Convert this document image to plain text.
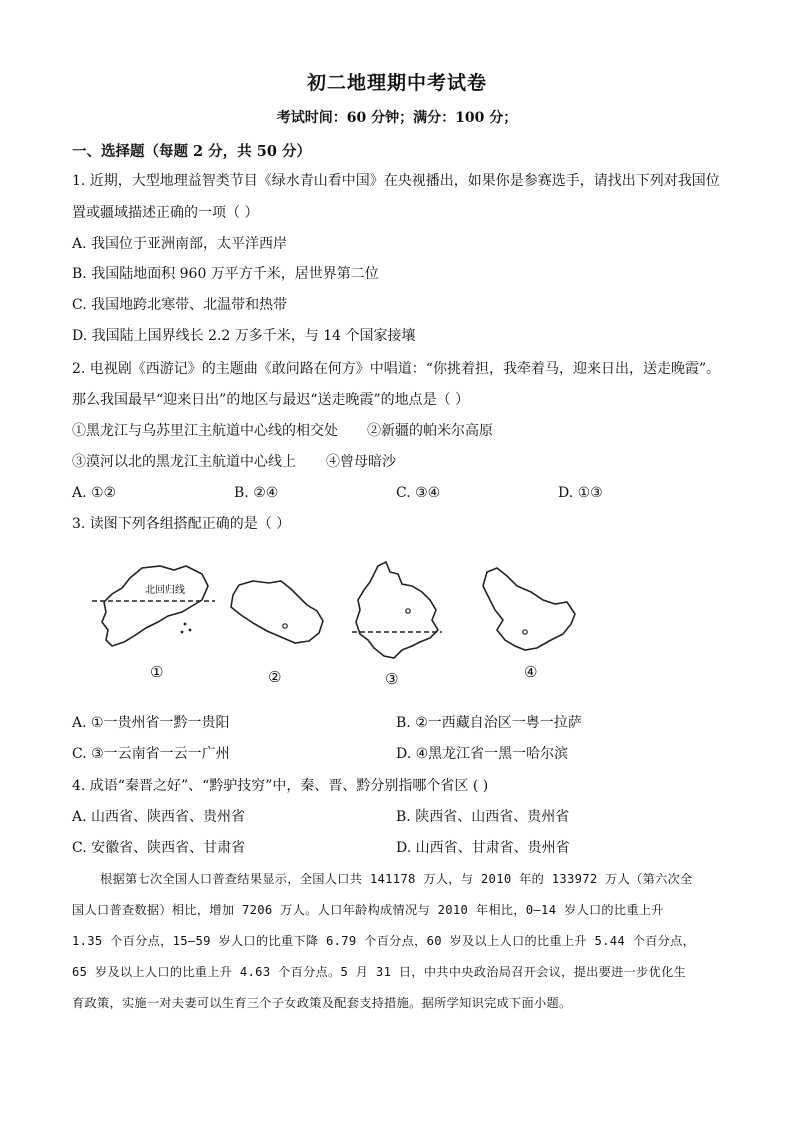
初二地理期中考试卷
考试时间：60 分钟；满分：100 分；
一、选择题（每题 2 分，共 50 分）
1. 近期，大型地理益智类节目《绿水青山看中国》在央视播出，如果你是参赛选手，请找出下列对我国位
置或疆域描述正确的一项（ ）
A. 我国位于亚洲南部，太平洋西岸
B. 我国陆地面积 960 万平方千米，居世界第二位
C. 我国地跨北寒带、北温带和热带
D. 我国陆上国界线长 2.2 万多千米，与 14 个国家接壤
2. 电视剧《西游记》的主题曲《敢问路在何方》中唱道：“你挑着担，我牵着马，迎来日出，送走晚霞”。
那么我国最早“迎来日出”的地区与最迟“送走晚霞”的地点是（ ）
①黑龙江与乌苏里江主航道中心线的相交处 ②新疆的帕米尔高原
③漠河以北的黑龙江主航道中心线上 ④曾母暗沙
A. ①②	B. ②④	C. ③④	D. ①③
3. 读图下列各组搭配正确的是（ ）
北回归线
①	②	③	④
A. ①一贵州省一黔一贵阳	B. ②一西藏自治区一粤一拉萨
C. ③一云南省一云一广州	D. ④黑龙江省一黑一哈尔滨
4. 成语“秦晋之好”、“黔驴技穷”中，秦、晋、黔分别指哪个省区 ( )
A. 山西省、陕西省、贵州省	B. 陕西省、山西省、贵州省
C. 安徽省、陕西省、甘肃省	D. 山西省、甘肃省、贵州省
根据第七次全国人口普查结果显示，全国人口共 141178 万人，与 2010 年的 133972 万人（第六次全
国人口普查数据）相比，增加 7206 万人。人口年龄构成情况与 2010 年相比，0—14 岁人口的比重上升
1.35 个百分点，15—59 岁人口的比重下降 6.79 个百分点，60 岁及以上人口的比重上升 5.44 个百分点，
65 岁及以上人口的比重上升 4.63 个百分点。5 月 31 日，中共中央政治局召开会议，提出要进一步优化生
育政策，实施一对夫妻可以生育三个子女政策及配套支持措施。据所学知识完成下面小题。
